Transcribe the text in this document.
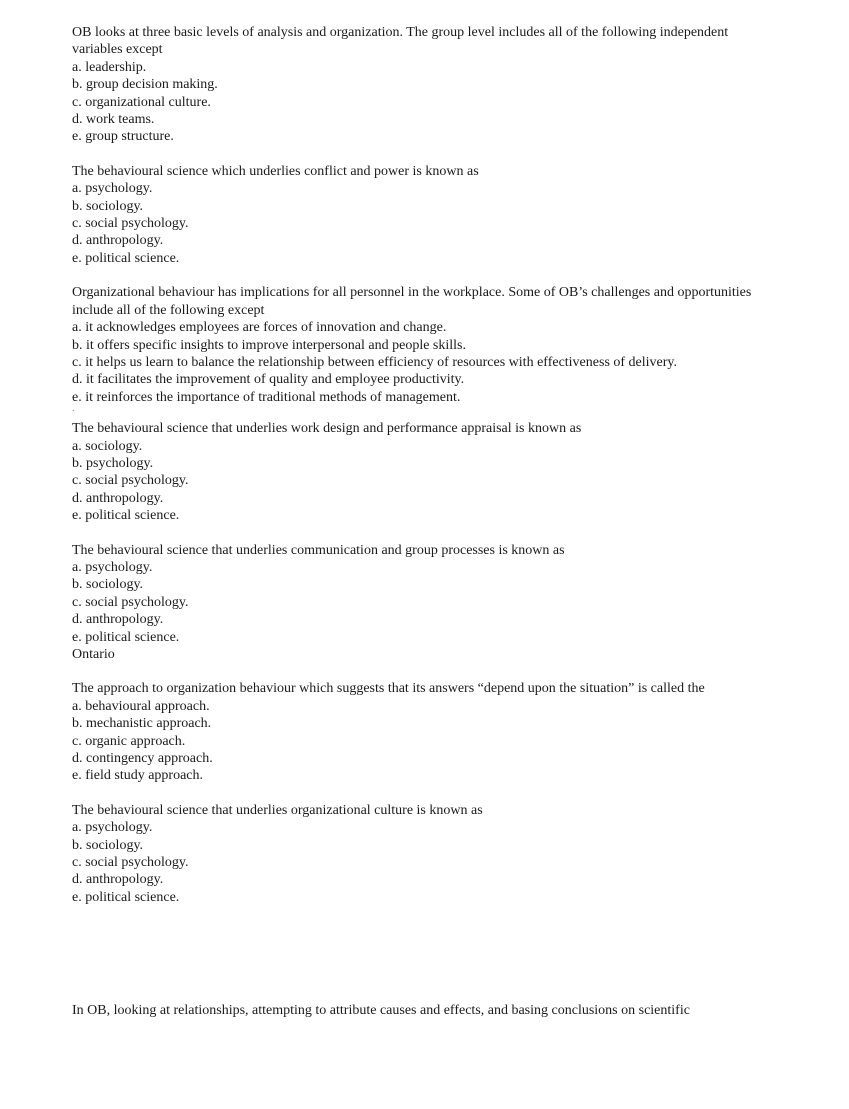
OB looks at three basic levels of analysis and organization. The group level includes all of the following independent variables except

a. leadership.
b. group decision making.
c. organizational culture.
d. work teams.
e. group structure.

The behavioural science which underlies conflict and power is known as

a. psychology.
b. sociology.
c. social psychology.
d. anthropology.
e. political science.

Organizational behaviour has implications for all personnel in the workplace. Some of OB’s challenges and opportunities include all of the following except

a. it acknowledges employees are forces of innovation and change.
b. it offers specific insights to improve interpersonal and people skills.
c. it helps us learn to balance the relationship between efficiency of resources with effectiveness of delivery.
d. it facilitates the improvement of quality and employee productivity.
e. it reinforces the importance of traditional methods of management.
.

The behavioural science that underlies work design and performance appraisal is known as

a. sociology.
b. psychology.
c. social psychology.
d. anthropology.
e. political science.

The behavioural science that underlies communication and group processes is known as

a. psychology.
b. sociology.
c. social psychology.
d. anthropology.
e. political science.
Ontario

The approach to organization behaviour which suggests that its answers “depend upon the situation” is called the

a. behavioural approach.
b. mechanistic approach.
c. organic approach.
d. contingency approach.
e. field study approach.

The behavioural science that underlies organizational culture is known as

a. psychology.
b. sociology.
c. social psychology.
d. anthropology.
e. political science.
In OB, looking at relationships, attempting to attribute causes and effects, and basing conclusions on scientific
